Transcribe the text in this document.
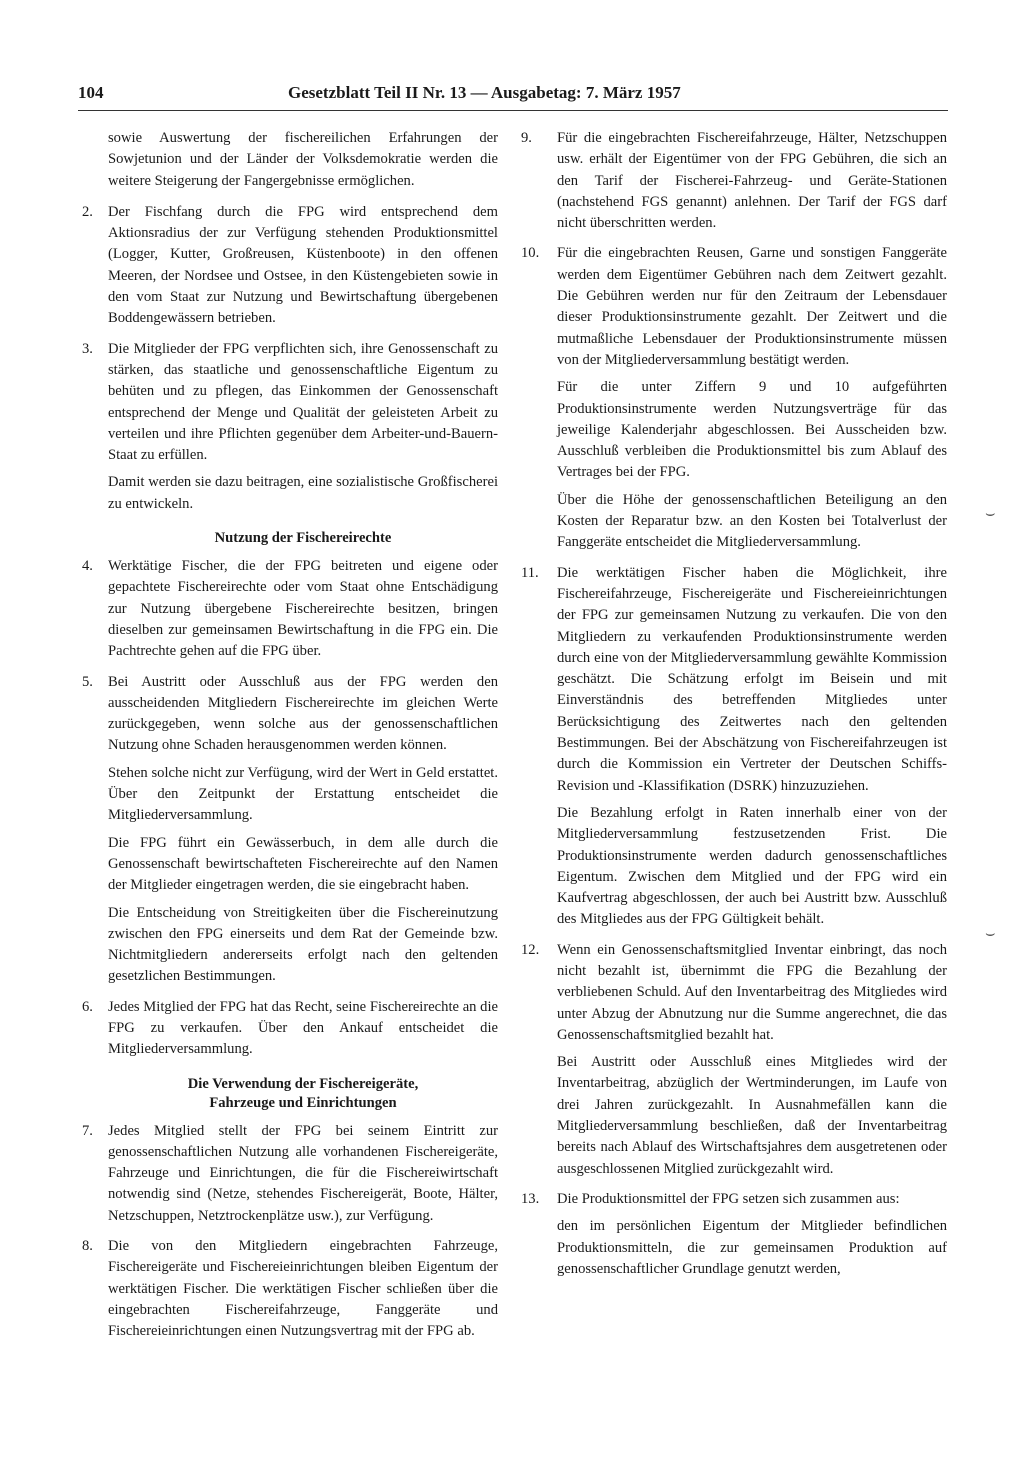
104	Gesetzblatt Teil II Nr. 13 — Ausgabetag: 7. März 1957

sowie Auswertung der fischereilichen Erfahrungen der Sowjetunion und der Länder der Volksdemokratie werden die weitere Steigerung der Fangergebnisse ermöglichen.

2. Der Fischfang durch die FPG wird entsprechend dem Aktionsradius der zur Verfügung stehenden Produktionsmittel (Logger, Kutter, Großreusen, Küstenboote) in den offenen Meeren, der Nordsee und Ostsee, in den Küstengebieten sowie in den vom Staat zur Nutzung und Bewirtschaftung übergebenen Boddengewässern betrieben.

3. Die Mitglieder der FPG verpflichten sich, ihre Genossenschaft zu stärken, das staatliche und genossenschaftliche Eigentum zu behüten und zu pflegen, das Einkommen der Genossenschaft entsprechend der Menge und Qualität der geleisteten Arbeit zu verteilen und ihre Pflichten gegenüber dem Arbeiter-und-Bauern-Staat zu erfüllen.

Damit werden sie dazu beitragen, eine sozialistische Großfischerei zu entwickeln.

Nutzung der Fischereirechte
4. Werktätige Fischer, die der FPG beitreten und eigene oder gepachtete Fischereirechte oder vom Staat ohne Entschädigung zur Nutzung übergebene Fischereirechte besitzen, bringen dieselben zur gemeinsamen Bewirtschaftung in die FPG ein. Die Pachtrechte gehen auf die FPG über.

5. Bei Austritt oder Ausschluß aus der FPG werden den ausscheidenden Mitgliedern Fischereirechte im gleichen Werte zurückgegeben, wenn solche aus der genossenschaftlichen Nutzung ohne Schaden herausgenommen werden können.

Stehen solche nicht zur Verfügung, wird der Wert in Geld erstattet. Über den Zeitpunkt der Erstattung entscheidet die Mitgliederversammlung.

Die FPG führt ein Gewässerbuch, in dem alle durch die Genossenschaft bewirtschafteten Fischereirechte auf den Namen der Mitglieder eingetragen werden, die sie eingebracht haben.

Die Entscheidung von Streitigkeiten über die Fischereinutzung zwischen den FPG einerseits und dem Rat der Gemeinde bzw. Nichtmitgliedern andererseits erfolgt nach den geltenden gesetzlichen Bestimmungen.

6. Jedes Mitglied der FPG hat das Recht, seine Fischereirechte an die FPG zu verkaufen. Über den Ankauf entscheidet die Mitgliederversammlung.

Die Verwendung der Fischereigeräte,
Fahrzeuge und Einrichtungen
7. Jedes Mitglied stellt der FPG bei seinem Eintritt zur genossenschaftlichen Nutzung alle vorhandenen Fischereigeräte, Fahrzeuge und Einrichtungen, die für die Fischereiwirtschaft notwendig sind (Netze, stehendes Fischereigerät, Boote, Hälter, Netzschuppen, Netztrockenplätze usw.), zur Verfügung.

8. Die von den Mitgliedern eingebrachten Fahrzeuge, Fischereigeräte und Fischereieinrichtungen bleiben Eigentum der werktätigen Fischer. Die werktätigen Fischer schließen über die eingebrachten Fischereifahrzeuge, Fanggeräte und Fischereieinrichtungen einen Nutzungsvertrag mit der FPG ab.

9. Für die eingebrachten Fischereifahrzeuge, Hälter, Netzschuppen usw. erhält der Eigentümer von der FPG Gebühren, die sich an den Tarif der Fischerei-Fahrzeug- und Geräte-Stationen (nachstehend FGS genannt) anlehnen. Der Tarif der FGS darf nicht überschritten werden.

10. Für die eingebrachten Reusen, Garne und sonstigen Fanggeräte werden dem Eigentümer Gebühren nach dem Zeitwert gezahlt. Die Gebühren werden nur für den Zeitraum der Lebensdauer dieser Produktionsinstrumente gezahlt. Der Zeitwert und die mutmaßliche Lebensdauer der Produktionsinstrumente müssen von der Mitgliederversammlung bestätigt werden.

Für die unter Ziffern 9 und 10 aufgeführten Produktionsinstrumente werden Nutzungsverträge für das jeweilige Kalenderjahr abgeschlossen. Bei Ausscheiden bzw. Ausschluß verbleiben die Produktionsmittel bis zum Ablauf des Vertrages bei der FPG.

Über die Höhe der genossenschaftlichen Beteiligung an den Kosten der Reparatur bzw. an den Kosten bei Totalverlust der Fanggeräte entscheidet die Mitgliederversammlung.

11. Die werktätigen Fischer haben die Möglichkeit, ihre Fischereifahrzeuge, Fischereigeräte und Fischereieinrichtungen der FPG zur gemeinsamen Nutzung zu verkaufen. Die von den Mitgliedern zu verkaufenden Produktionsinstrumente werden durch eine von der Mitgliederversammlung gewählte Kommission geschätzt. Die Schätzung erfolgt im Beisein und mit Einverständnis des betreffenden Mitgliedes unter Berücksichtigung des Zeitwertes nach den geltenden Bestimmungen. Bei der Abschätzung von Fischereifahrzeugen ist durch die Kommission ein Vertreter der Deutschen Schiffs-Revision und -Klassifikation (DSRK) hinzuzuziehen.

Die Bezahlung erfolgt in Raten innerhalb einer von der Mitgliederversammlung festzusetzenden Frist. Die Produktionsinstrumente werden dadurch genossenschaftliches Eigentum. Zwischen dem Mitglied und der FPG wird ein Kaufvertrag abgeschlossen, der auch bei Austritt bzw. Ausschluß des Mitgliedes aus der FPG Gültigkeit behält.

12. Wenn ein Genossenschaftsmitglied Inventar einbringt, das noch nicht bezahlt ist, übernimmt die FPG die Bezahlung der verbliebenen Schuld. Auf den Inventarbeitrag des Mitgliedes wird unter Abzug der Abnutzung nur die Summe angerechnet, die das Genossenschaftsmitglied bezahlt hat.

Bei Austritt oder Ausschluß eines Mitgliedes wird der Inventarbeitrag, abzüglich der Wertminderungen, im Laufe von drei Jahren zurückgezahlt. In Ausnahmefällen kann die Mitgliederversammlung beschließen, daß der Inventarbeitrag bereits nach Ablauf des Wirtschaftsjahres dem ausgetretenen oder ausgeschlossenen Mitglied zurückgezahlt wird.

13. Die Produktionsmittel der FPG setzen sich zusammen aus:

den im persönlichen Eigentum der Mitglieder befindlichen Produktionsmitteln, die zur gemeinsamen Produktion auf genossenschaftlicher Grundlage genutzt werden,

⌣
⌣
